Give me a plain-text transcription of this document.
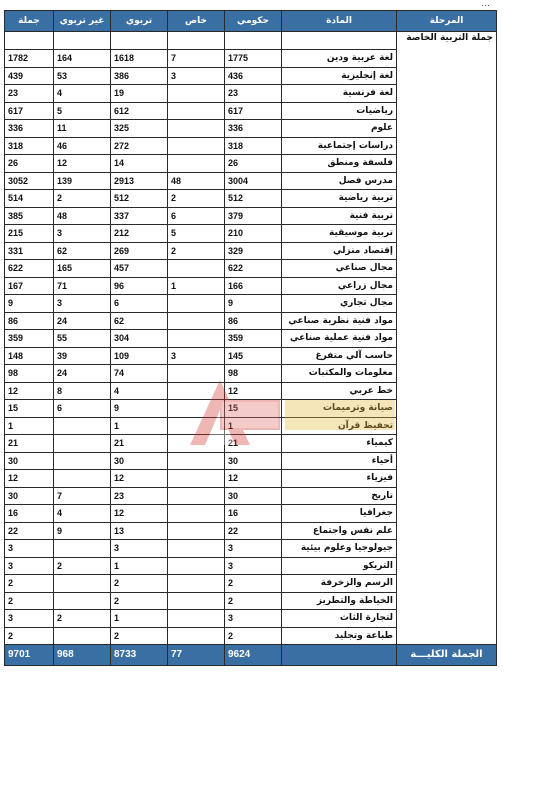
...
جملة	غير تربوي	تربوي	خاص	حكومي	المادة	المرحلة
						جملة التربية الخاصة
1782	164	1618	7	1775	لغة عربية ودين	
439	53	386	3	436	لغة إنجليزية	
23	4	19		23	لغة فرنسية	
617	5	612		617	رياضيات	
336	11	325		336	علوم	
318	46	272		318	دراسات إجتماعية	
26	12	14		26	فلسفة ومنطق	
3052	139	2913	48	3004	مدرس فصل	
514	2	512	2	512	تربية رياضية	
385	48	337	6	379	تربية فنية	
215	3	212	5	210	تربية موسيقية	
331	62	269	2	329	إقتصاد منزلي	
622	165	457		622	مجال صناعي	
167	71	96	1	166	مجال زراعي	
9	3	6		9	مجال تجاري	
86	24	62		86	مواد فنية نظرية صناعي	
359	55	304		359	مواد فنية عملية صناعي	
148	39	109	3	145	حاسب آلي متفرغ	
98	24	74		98	معلومات والمكتبات	
12	8	4		12	خط عربي	
15	6	9		15	صيانة وترميمات	
1		1		1	تحفيظ قرآن	
21		21		21	كيمياء	
30		30		30	أحياء	
12		12		12	فيزياء	
30	7	23		30	تاريخ	
16	4	12		16	جغرافيا	
22	9	13		22	علم نفس واجتماع	
3		3		3	جيولوجيا وعلوم بيئية	
3	2	1		3	التريكو	
2		2		2	الرسم والزخرفة	
2		2		2	الخياطة والتطريز	
3	2	1		3	لتجارة الثاث	
2		2		2	طباعة وتجليد	
9701	968	8733	77	9624		الجملة الكليـــة
